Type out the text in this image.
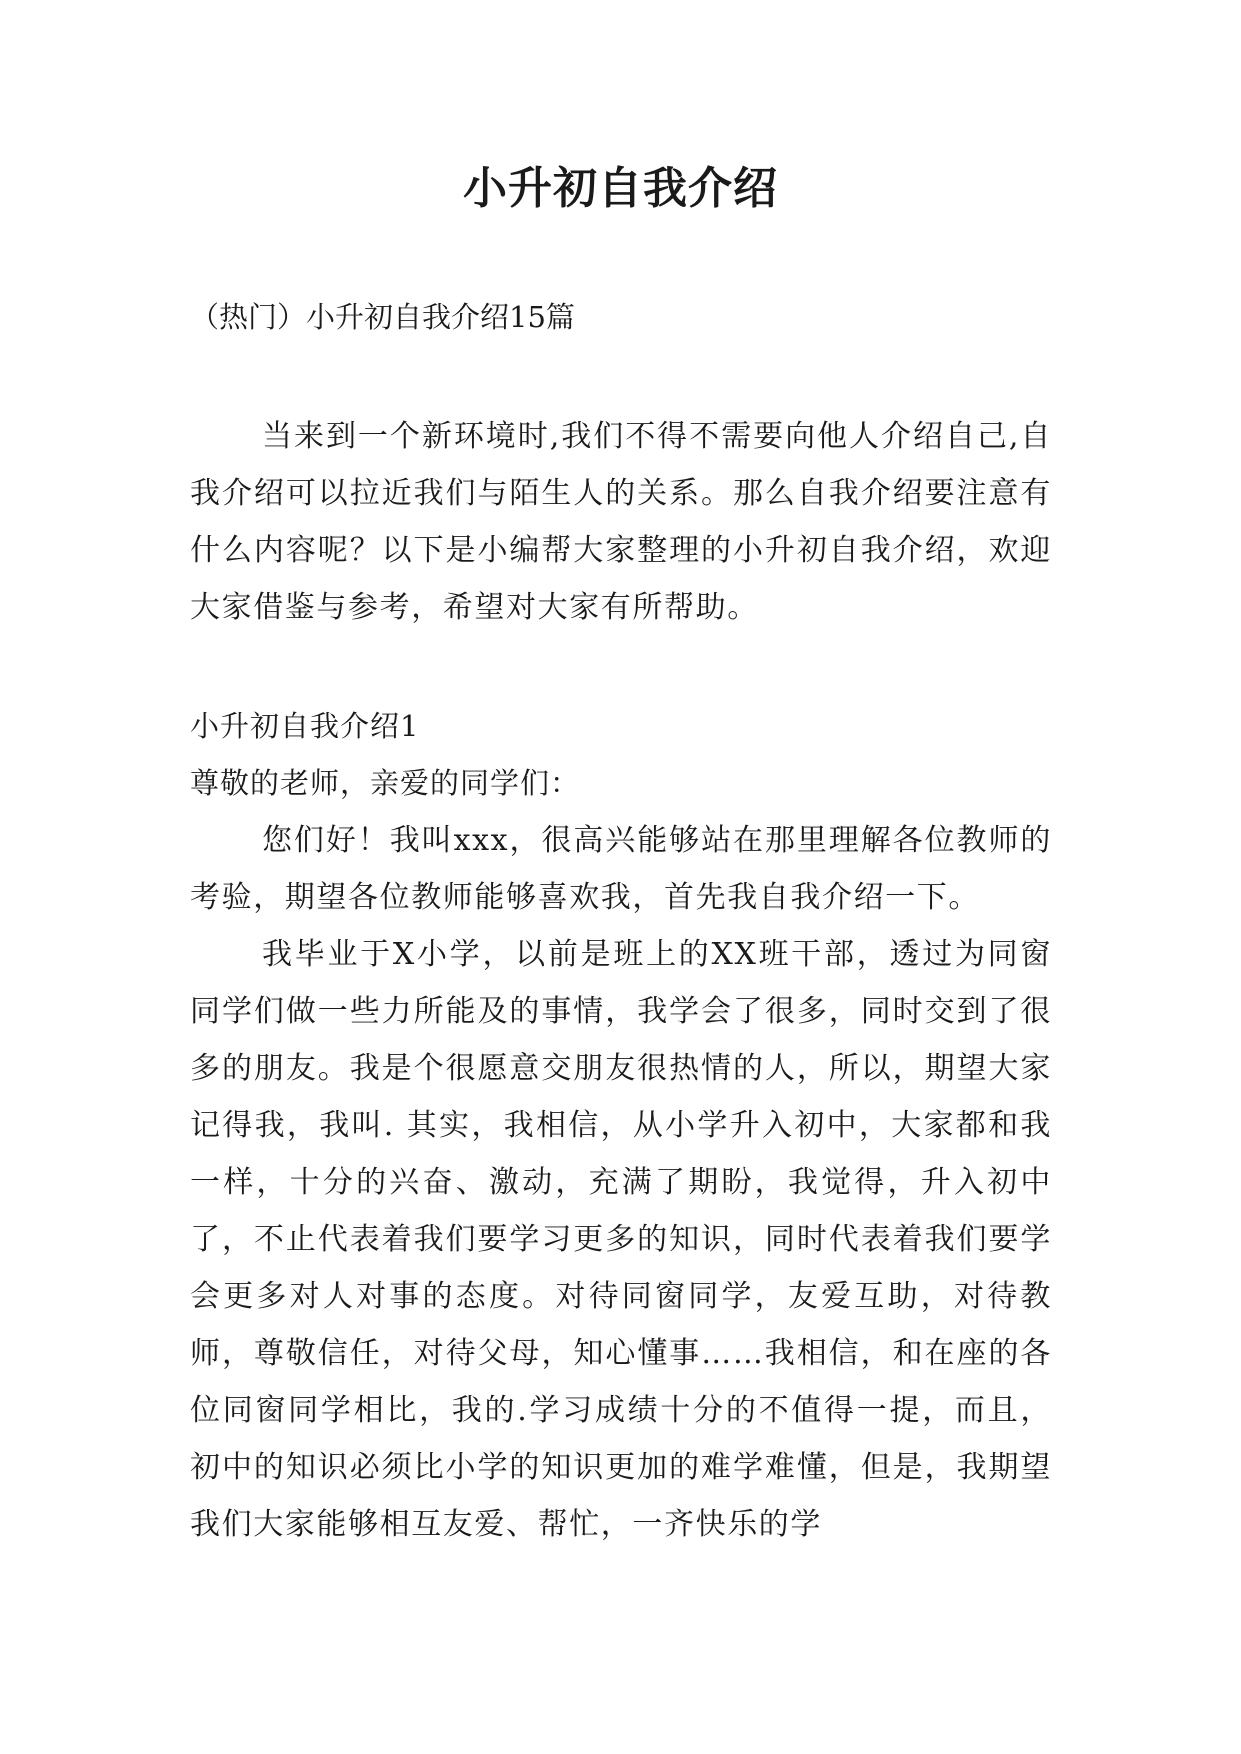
小升初自我介绍

（热门）小升初自我介绍15篇

当来到一个新环境时,我们不得不需要向他人介绍自己,自我介绍可以拉近我们与陌生人的关系。那么自我介绍要注意有什么内容呢？以下是小编帮大家整理的小升初自我介绍，欢迎大家借鉴与参考，希望对大家有所帮助。

小升初自我介绍1

尊敬的老师，亲爱的同学们：

您们好！我叫xxx，很高兴能够站在那里理解各位教师的考验，期望各位教师能够喜欢我，首先我自我介绍一下。

我毕业于X小学，以前是班上的XX班干部，透过为同窗同学们做一些力所能及的事情，我学会了很多，同时交到了很多的朋友。我是个很愿意交朋友很热情的人，所以，期望大家记得我，我叫. 其实，我相信，从小学升入初中，大家都和我一样，十分的兴奋、激动，充满了期盼，我觉得，升入初中了，不止代表着我们要学习更多的知识，同时代表着我们要学会更多对人对事的态度。对待同窗同学，友爱互助，对待教师，尊敬信任，对待父母，知心懂事……我相信，和在座的各位同窗同学相比，我的.学习成绩十分的不值得一提，而且，初中的知识必须比小学的知识更加的难学难懂，但是，我期望我们大家能够相互友爱、帮忙，一齐快乐的学
